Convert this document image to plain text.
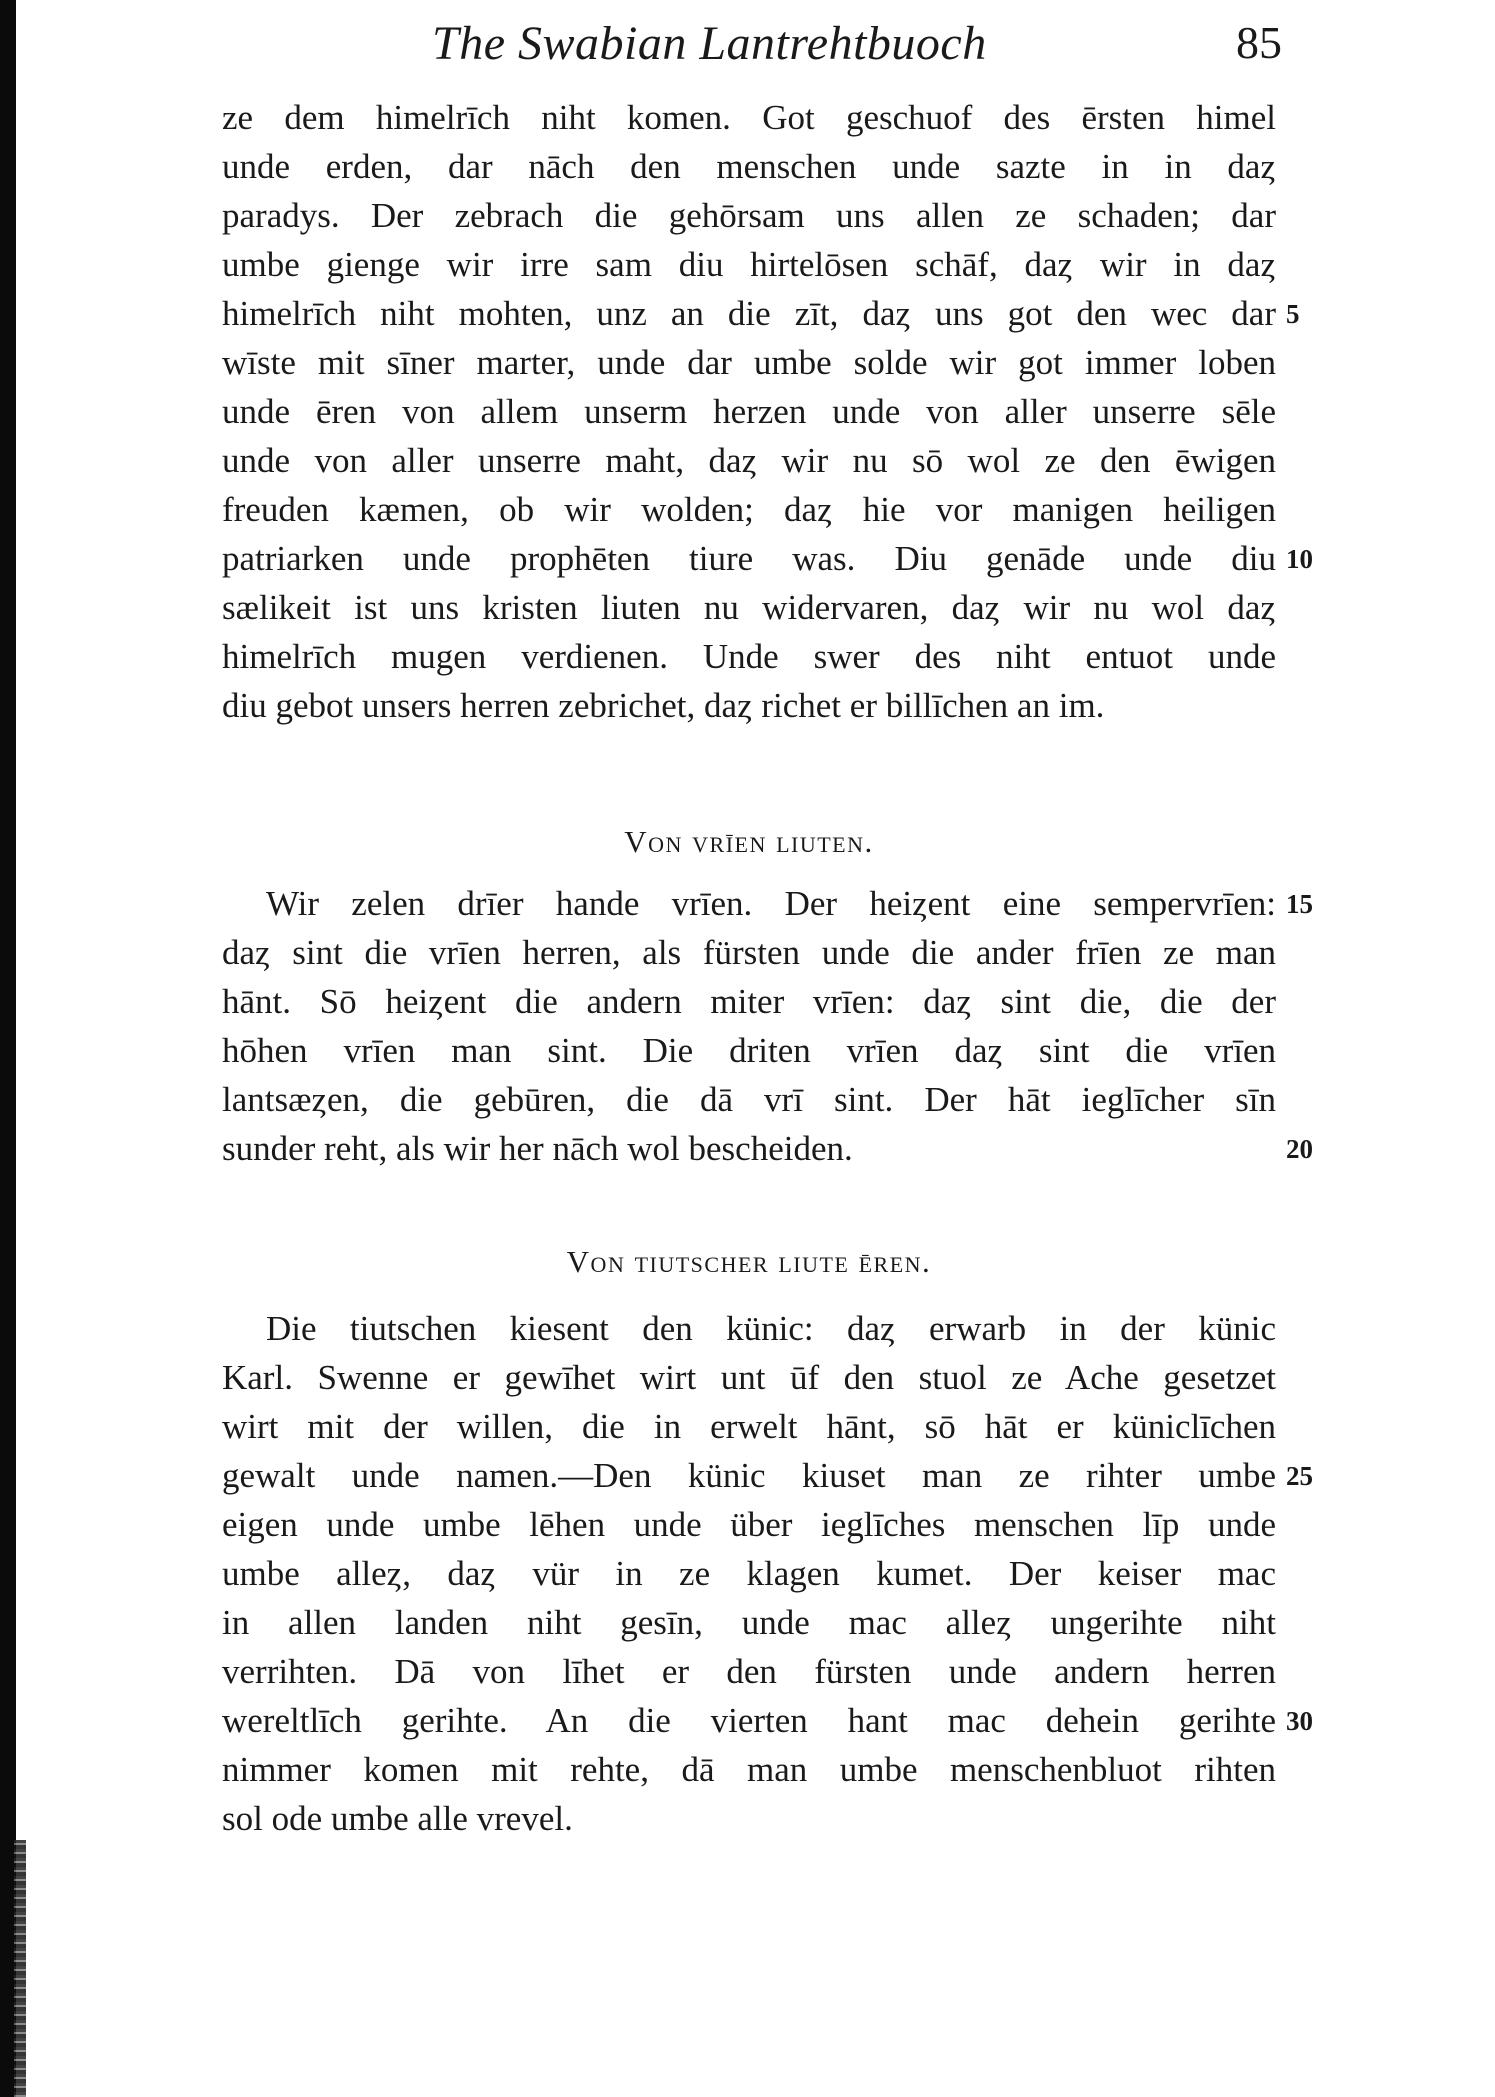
The Swabian Lantrehtbuoch	85
ze dem himelrīch niht komen. Got geschuof des ērsten himel
unde erden, dar nāch den menschen unde sazte in in daȥ
paradys. Der zebrach die gehōrsam uns allen ze schaden; dar
umbe gienge wir irre sam diu hirtelōsen schāf, daȥ wir in daȥ
himelrīch niht mohten, unz an die zīt, daȥ uns got den wec dar
wīste mit sīner marter, unde dar umbe solde wir got immer loben
unde ēren von allem unserm herzen unde von aller unserre sēle
unde von aller unserre maht, daȥ wir nu sō wol ze den ēwigen
freuden kæmen, ob wir wolden; daȥ hie vor manigen heiligen
patriarken unde prophēten tiure was. Diu genāde unde diu
sælikeit ist uns kristen liuten nu widervaren, daȥ wir nu wol daȥ
himelrīch mugen verdienen. Unde swer des niht entuot unde
diu gebot unsers herren zebrichet, daȥ richet er billīchen an im.
Von vrīen liuten.
Wir zelen drīer hande vrīen. Der heiȥent eine sempervrīen:
daȥ sint die vrīen herren, als fürsten unde die ander frīen ze man
hānt. Sō heiȥent die andern miter vrīen: daȥ sint die, die der
hōhen vrīen man sint. Die driten vrīen daȥ sint die vrīen
lantsæȥen, die gebūren, die dā vrī sint. Der hāt ieglīcher sīn
sunder reht, als wir her nāch wol bescheiden.
Von tiutscher liute ēren.
Die tiutschen kiesent den künic: daȥ erwarb in der künic
Karl. Swenne er gewīhet wirt unt ūf den stuol ze Ache gesetzet
wirt mit der willen, die in erwelt hānt, sō hāt er küniclīchen
gewalt unde namen.—Den künic kiuset man ze rihter umbe
eigen unde umbe lēhen unde über ieglīches menschen līp unde
umbe alleȥ, daȥ vür in ze klagen kumet. Der keiser mac
in allen landen niht gesīn, unde mac alleȥ ungerihte niht
verrihten. Dā von līhet er den fürsten unde andern herren
wereltlīch gerihte. An die vierten hant mac dehein gerihte
nimmer komen mit rehte, dā man umbe menschenbluot rihten
sol ode umbe alle vrevel.
5
10
15
20
25
30
